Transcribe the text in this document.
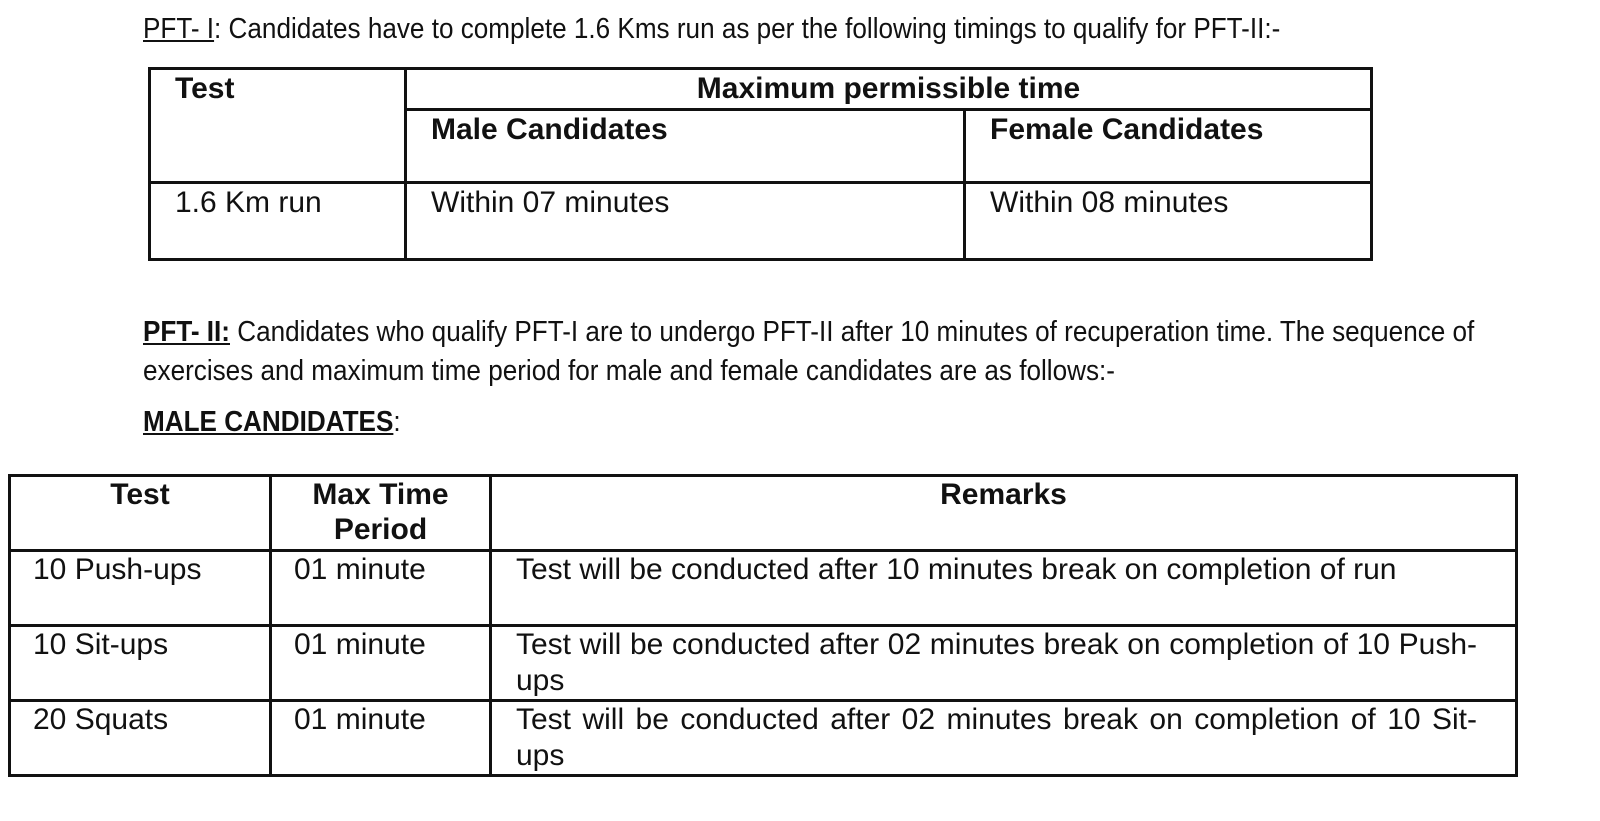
PFT- I: Candidates have to complete 1.6 Kms run as per the following timings to qualify for PFT-II:-
Test	Maximum permissible time	
	Male Candidates	Female Candidates
1.6 Km run	Within 07 minutes	Within 08 minutes
PFT- II: Candidates who qualify PFT-I are to undergo PFT-II after 10 minutes of recuperation time. The sequence of
exercises and maximum time period for male and female candidates are as follows:-
MALE CANDIDATES:
Test	Max Time Period	Remarks
10 Push-ups	01 minute	Test will be conducted after 10 minutes break on completion of run
10 Sit-ups	01 minute	Test will be conducted after 02 minutes break on completion of 10 Push-ups
20 Squats	01 minute	Test will be conducted after 02 minutes break on completion of 10 Sit-ups
